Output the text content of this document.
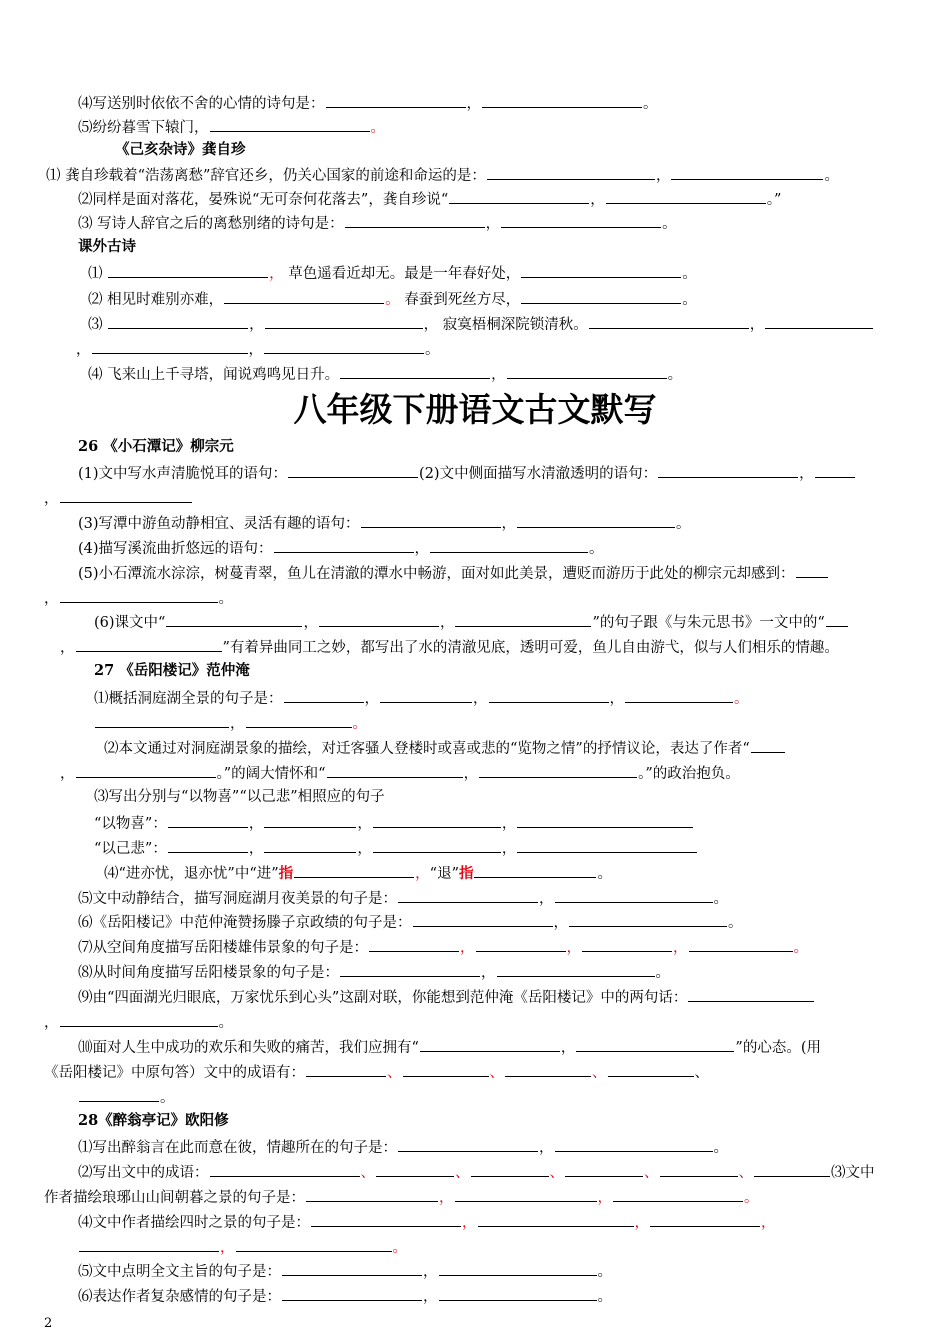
⑷写送别时依依不舍的心情的诗句是：	，	。
⑸纷纷暮雪下辕门，	。
《己亥杂诗》龚自珍
⑴ 龚自珍载着“浩荡离愁”辞官还乡，仍关心国家的前途和命运的是：	，	。
⑵同样是面对落花，晏殊说“无可奈何花落去”，龚自珍说“	，	。”
⑶ 写诗人辞官之后的离愁别绪的诗句是：	，	。
课外古诗
⑴	， 草色遥看近却无。最是一年春好处，	。
⑵ 相见时难别亦难，	。 春蚕到死丝方尽，	。
⑶	，	， 寂寞梧桐深院锁清秋。	，
，	，	。
⑷ 飞来山上千寻塔，闻说鸡鸣见日升。	，	。
八年级下册语文古文默写
26 《小石潭记》柳宗元
(1)文中写水声清脆悦耳的语句：	(2)文中侧面描写水清澈透明的语句：	，
，
(3)写潭中游鱼动静相宜、灵活有趣的语句：	，	。
(4)描写溪流曲折悠远的语句：	，	。
(5)小石潭流水淙淙，树蔓青翠，鱼儿在清澈的潭水中畅游，面对如此美景，遭贬而游历于此处的柳宗元却感到：
，	。
(6)课文中“	，	，	”的句子跟《与朱元思书》一文中的“
，	”有着异曲同工之妙，都写出了水的清澈见底，透明可爱，鱼儿自由游弋，似与人们相乐的情趣。
27 《岳阳楼记》范仲淹
⑴概括洞庭湖全景的句子是：	，	，	，	。
，	。
⑵本文通过对洞庭湖景象的描绘，对迁客骚人登楼时或喜或悲的“览物之情”的抒情议论，表达了作者“
，	。”的阔大情怀和“	，	。”的政治抱负。
⑶写出分别与“以物喜”“以己悲”相照应的句子
“以物喜”：	，	，	，
“以己悲”：	，	，	，
⑷“进亦忧，退亦忧”中“进”指	，“退”指	。
⑸文中动静结合，描写洞庭湖月夜美景的句子是：	，	。
⑹《岳阳楼记》中范仲淹赞扬滕子京政绩的句子是：	，	。
⑺从空间角度描写岳阳楼雄伟景象的句子是：	，	，	，	。
⑻从时间角度描写岳阳楼景象的句子是：	，	。
⑼由“四面湖光归眼底，万家忧乐到心头”这副对联，你能想到范仲淹《岳阳楼记》中的两句话：
，	。
⑽面对人生中成功的欢乐和失败的痛苦，我们应拥有“	，	”的心态。(用
《岳阳楼记》中原句答）文中的成语有：	、	、	、	、
。
28《醉翁亭记》欧阳修
⑴写出醉翁言在此而意在彼，情趣所在的句子是：	，	。
⑵写出文中的成语：	、	、	、	、	、	⑶文中
作者描绘琅琊山山间朝暮之景的句子是：	，	，	。
⑷文中作者描绘四时之景的句子是：	，	，	，
，	。
⑸文中点明全文主旨的句子是：	，	。
⑹表达作者复杂感情的句子是：	，	。
2
